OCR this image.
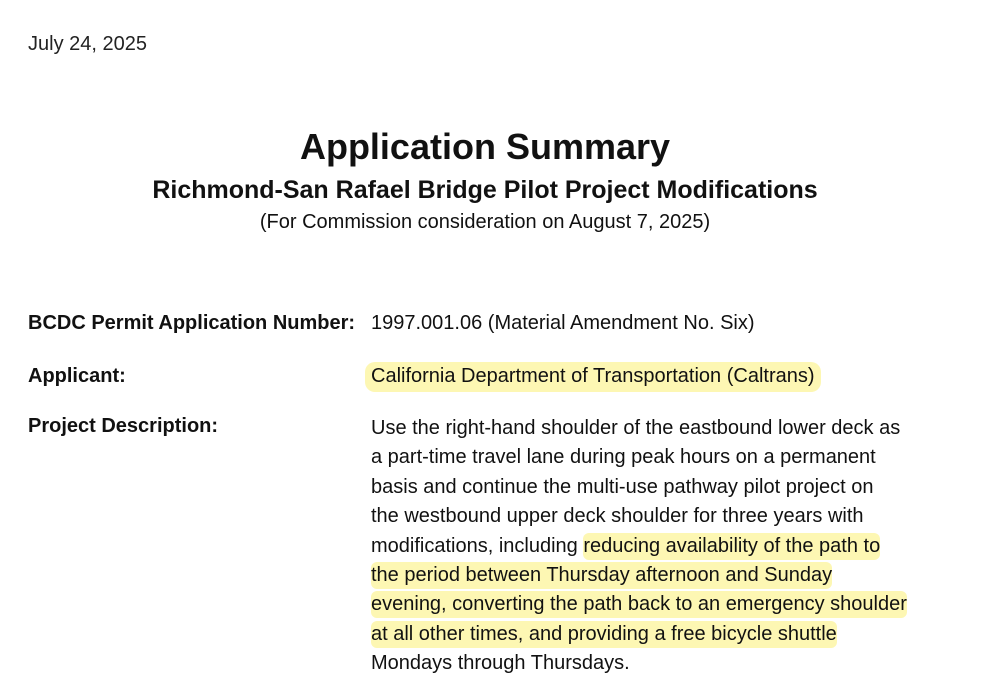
July 24, 2025
Application Summary
Richmond-San Rafael Bridge Pilot Project Modifications
(For Commission consideration on August 7, 2025)
BCDC Permit Application Number: 1997.001.06 (Material Amendment No. Six)
Applicant:	California Department of Transportation (Caltrans)
Project Description:	Use the right-hand shoulder of the eastbound lower deck as
a part-time travel lane during peak hours on a permanent
basis and continue the multi-use pathway pilot project on
the westbound upper deck shoulder for three years with
modifications, including reducing availability of the path to
the period between Thursday afternoon and Sunday
evening, converting the path back to an emergency shoulder
at all other times, and providing a free bicycle shuttle
Mondays through Thursdays.
